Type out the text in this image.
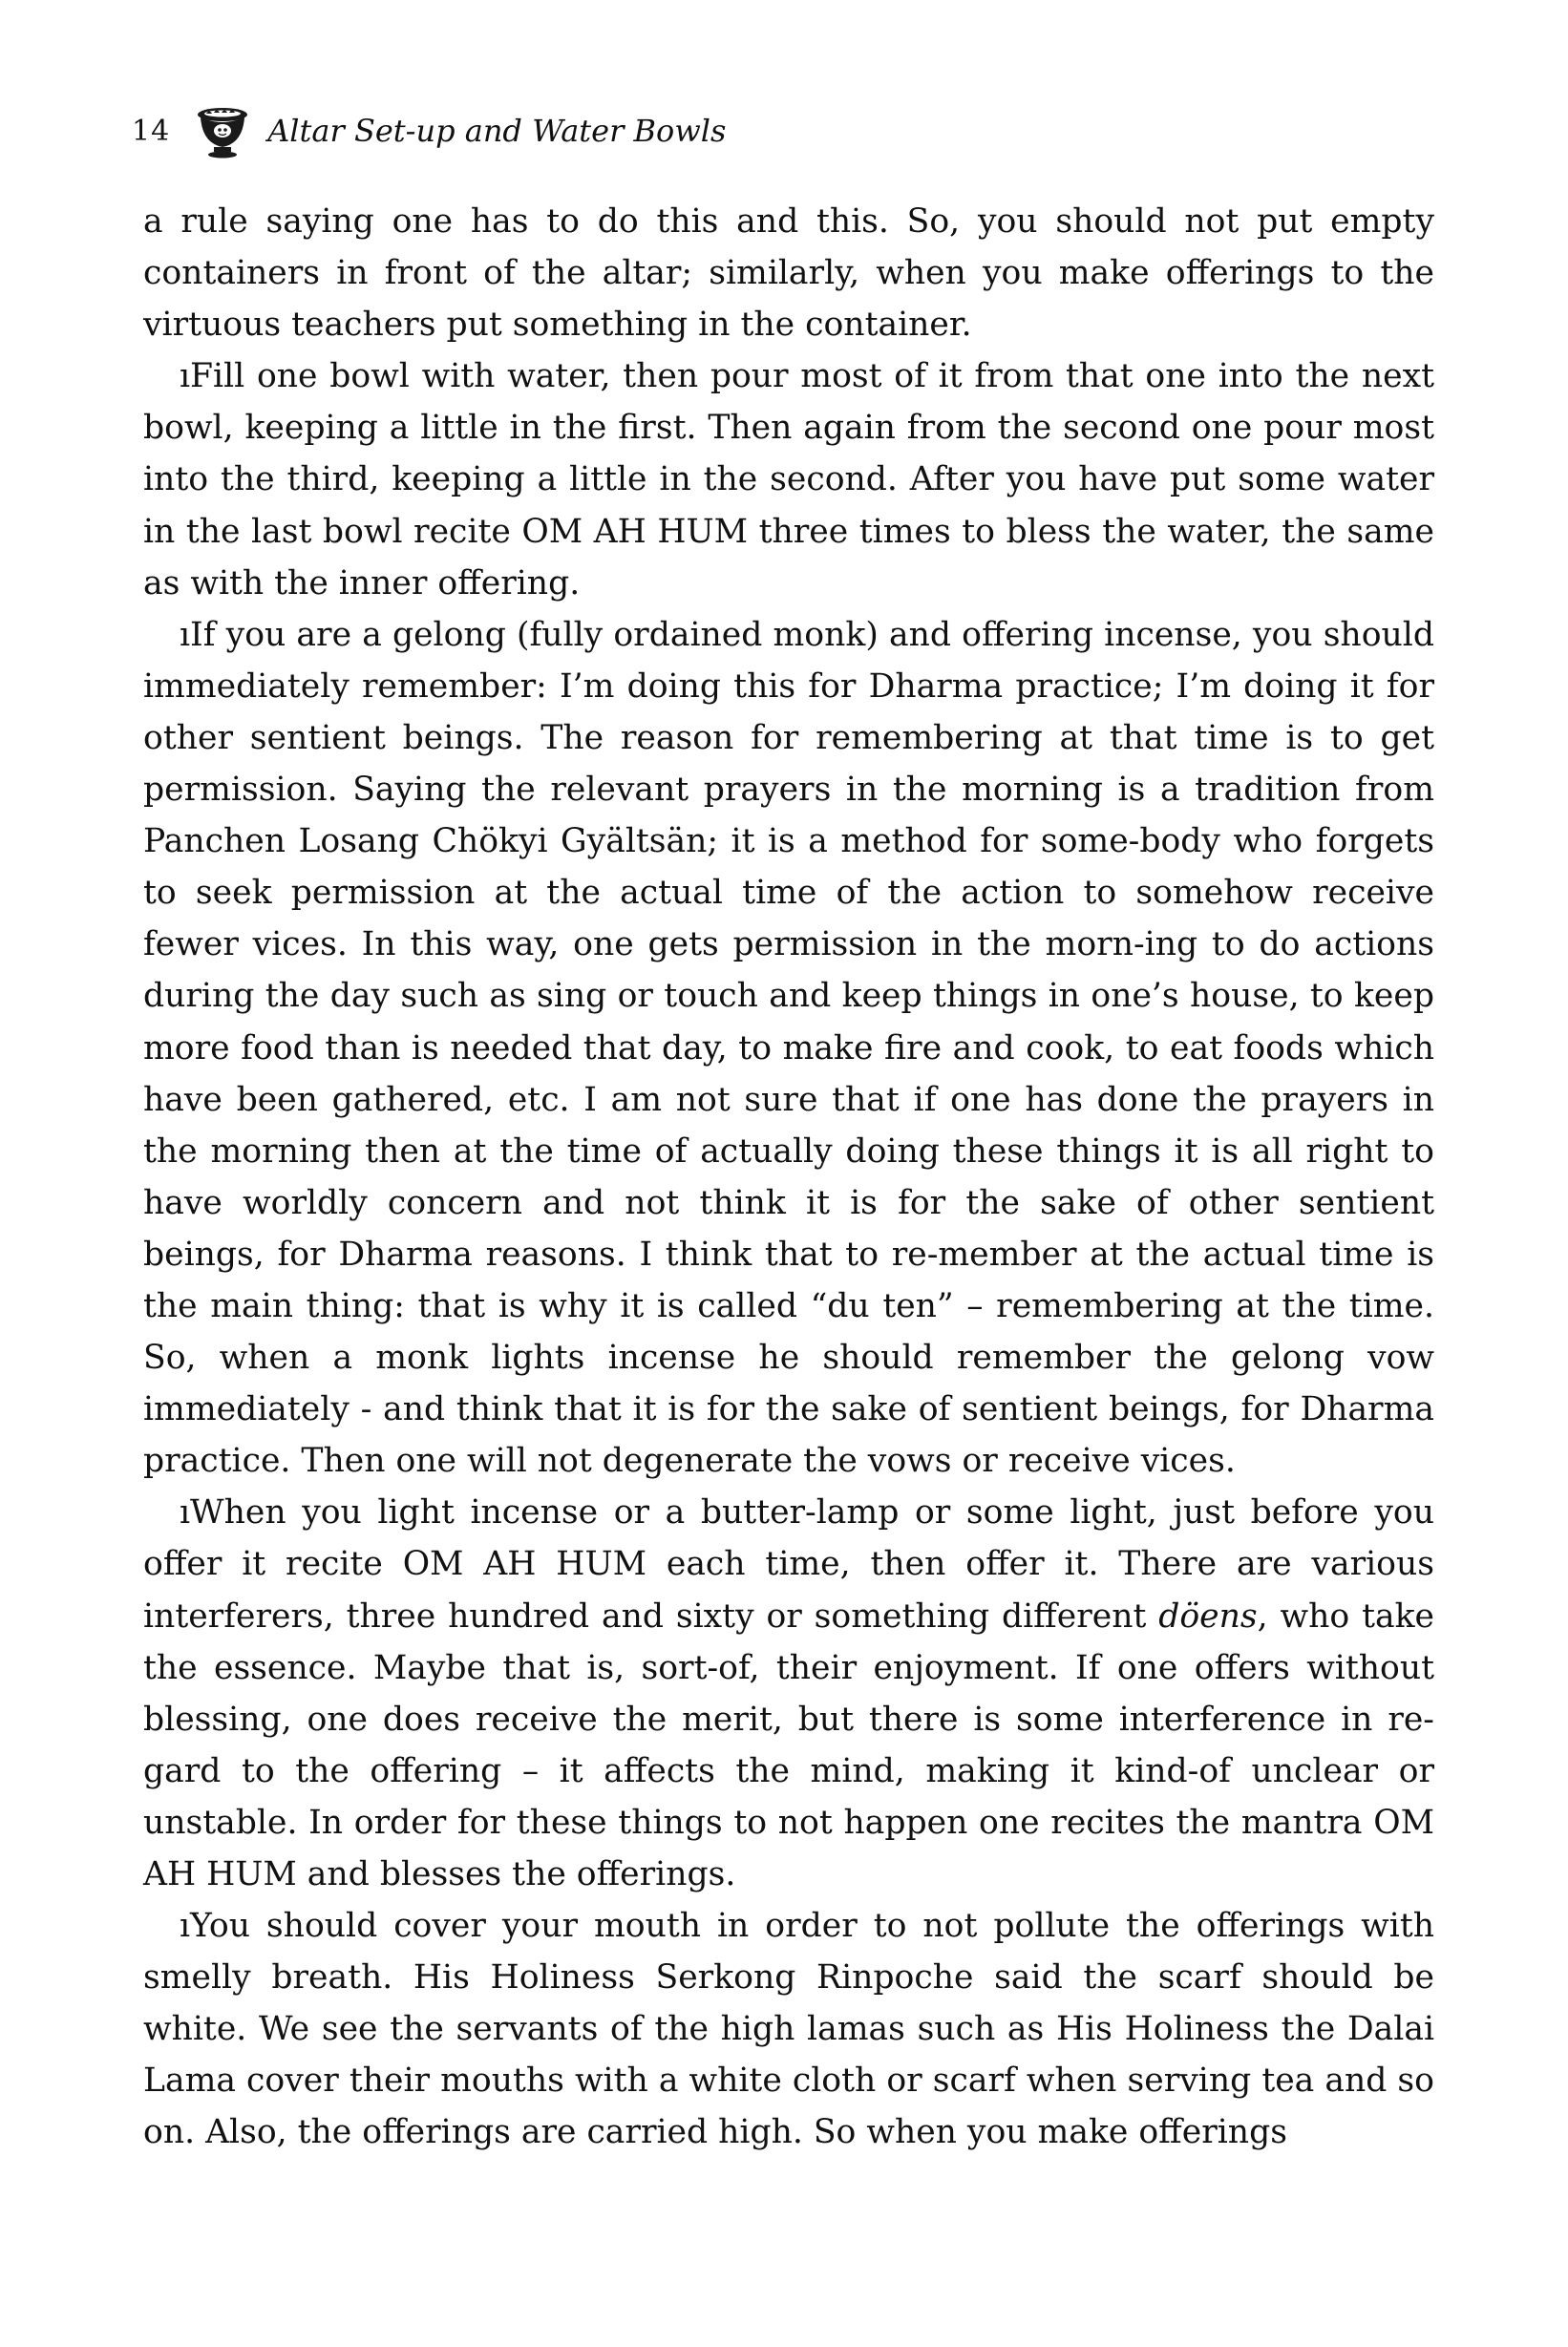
14	Altar Set-up and Water Bowls

a rule saying one has to do this and this. So, you should not put empty containers in front of the altar; similarly, when you make offerings to the virtuous teachers put something in the container.

ıFill one bowl with water, then pour most of it from that one into the next bowl, keeping a little in the first. Then again from the second one pour most into the third, keeping a little in the second. After you have put some water in the last bowl recite OM AH HUM three times to bless the water, the same as with the inner offering.

ıIf you are a gelong (fully ordained monk) and offering incense, you should immediately remember: I’m doing this for Dharma practice; I’m doing it for other sentient beings. The reason for remembering at that time is to get permission. Saying the relevant prayers in the morning is a tradition from Panchen Losang Chökyi Gyältsän; it is a method for some-body who forgets to seek permission at the actual time of the action to somehow receive fewer vices. In this way, one gets permission in the morn-ing to do actions during the day such as sing or touch and keep things in one’s house, to keep more food than is needed that day, to make fire and cook, to eat foods which have been gathered, etc. I am not sure that if one has done the prayers in the morning then at the time of actually doing these things it is all right to have worldly concern and not think it is for the sake of other sentient beings, for Dharma reasons. I think that to re-member at the actual time is the main thing: that is why it is called “du ten” – remembering at the time. So, when a monk lights incense he should remember the gelong vow immediately - and think that it is for the sake of sentient beings, for Dharma practice. Then one will not degenerate the vows or receive vices.

ıWhen you light incense or a butter-lamp or some light, just before you offer it recite OM AH HUM each time, then offer it. There are various interferers, three hundred and sixty or something different döens, who take the essence. Maybe that is, sort-of, their enjoyment. If one offers without blessing, one does receive the merit, but there is some interference in re-gard to the offering – it affects the mind, making it kind-of unclear or unstable. In order for these things to not happen one recites the mantra OM AH HUM and blesses the offerings.

ıYou should cover your mouth in order to not pollute the offerings with smelly breath. His Holiness Serkong Rinpoche said the scarf should be white. We see the servants of the high lamas such as His Holiness the Dalai Lama cover their mouths with a white cloth or scarf when serving tea and so on. Also, the offerings are carried high. So when you make offerings
